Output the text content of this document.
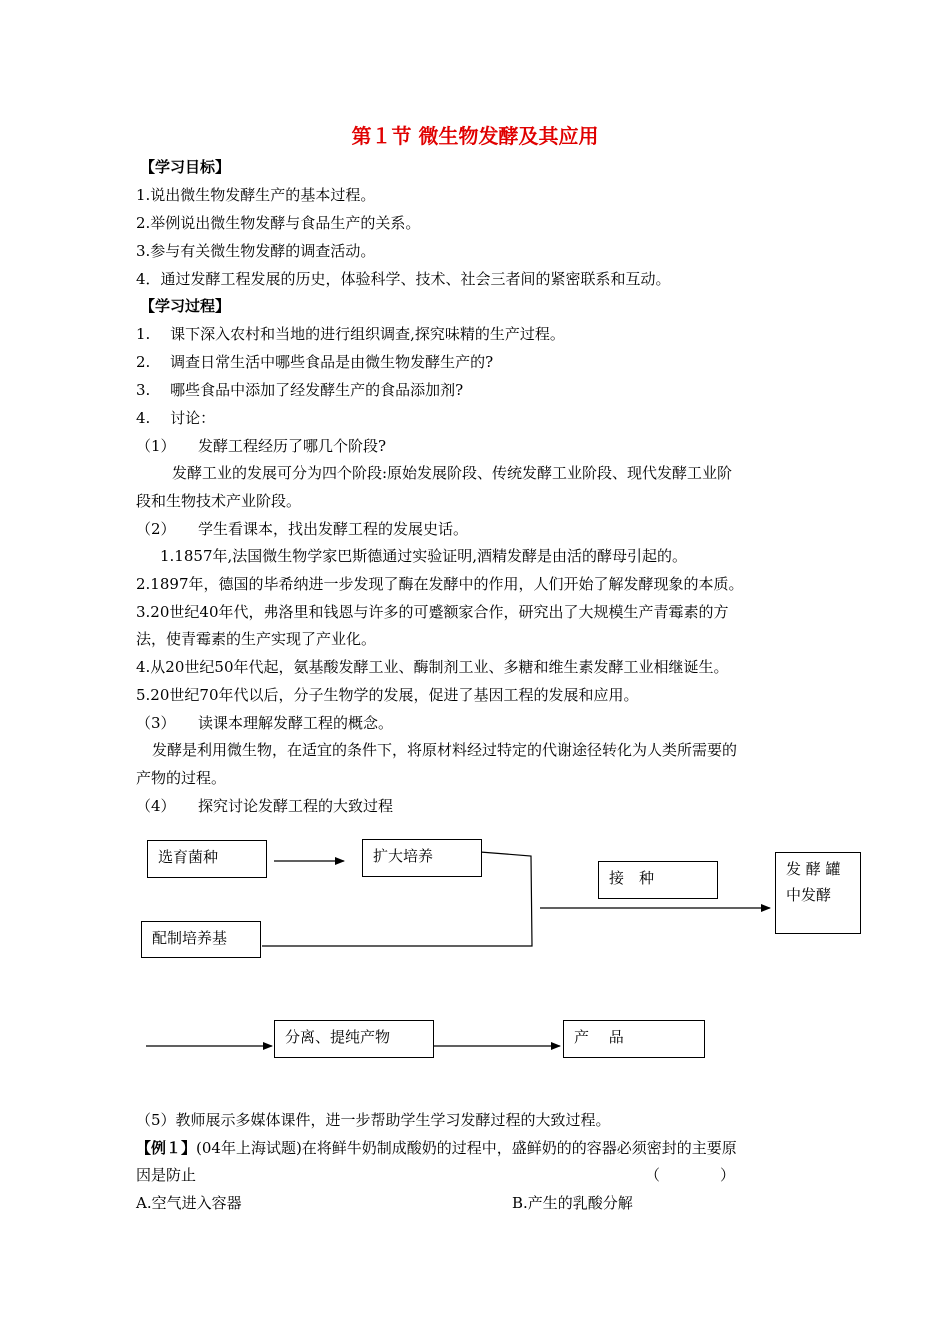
第１节 微生物发酵及其应用
【学习目标】
1.说出微生物发酵生产的基本过程。
2.举例说出微生物发酵与食品生产的关系。
3.参与有关微生物发酵的调查活动。
4．通过发酵工程发展的历史，体验科学、技术、社会三者间的紧密联系和互动。
【学习过程】
1.　 课下深入农村和当地的进行组织调查,探究味精的生产过程。
2.　 调查日常生活中哪些食品是由微生物发酵生产的?
3.　 哪些食品中添加了经发酵生产的食品添加剂?
4.　 讨论：
（1）　　发酵工程经历了哪几个阶段?
发酵工业的发展可分为四个阶段:原始发展阶段、传统发酵工业阶段、现代发酵工业阶
段和生物技术产业阶段。
（2）　　学生看课本，找出发酵工程的发展史话。
1.1857年,法国微生物学家巴斯德通过实验证明,酒精发酵是由活的酵母引起的。
2.1897年，德国的毕希纳进一步发现了酶在发酵中的作用，人们开始了解发酵现象的本质。
3.20世纪40年代，弗洛里和钱恩与许多的可蹙额家合作，研究出了大规模生产青霉素的方
法，使青霉素的生产实现了产业化。
4.从20世纪50年代起，氨基酸发酵工业、酶制剂工业、多糖和维生素发酵工业相继诞生。
5.20世纪70年代以后，分子生物学的发展，促进了基因工程的发展和应用。
（3）　　读课本理解发酵工程的概念。
发酵是利用微生物，在适宜的条件下，将原材料经过特定的代谢途径转化为人类所需要的
产物的过程。
（4）　　探究讨论发酵工程的大致过程
选育菌种	扩大培养
配制培养基
接　种	发 酵 罐
中发酵
分离、提纯产物	产　 品
（5）教师展示多媒体课件，进一步帮助学生学习发酵过程的大致过程。
【例１】(04年上海试题)在将鲜牛奶制成酸奶的过程中，盛鲜奶的的容器必须密封的主要原
因是防止	（　　　　）
A.空气进入容器	B.产生的乳酸分解
